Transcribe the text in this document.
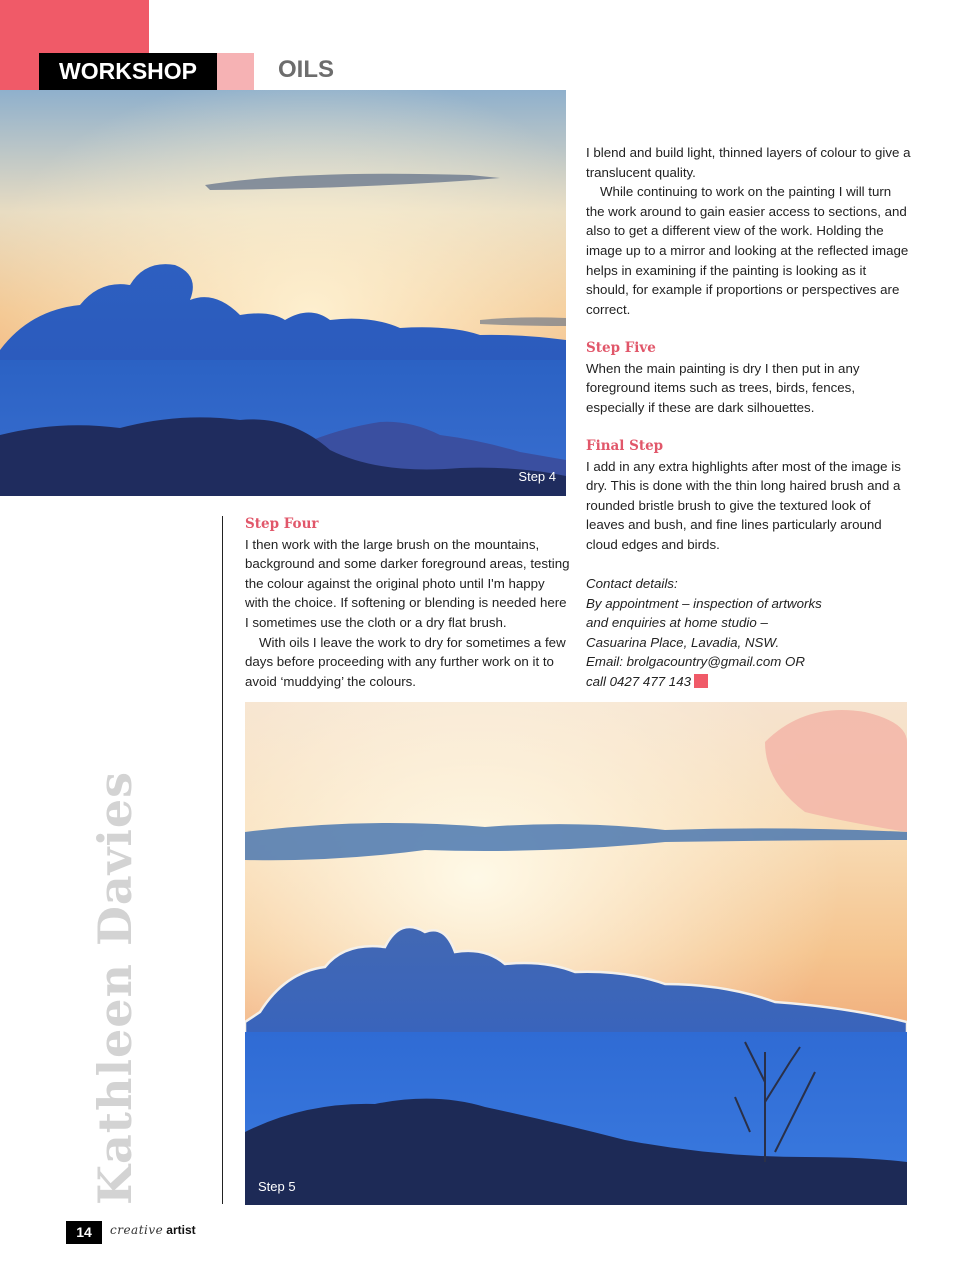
WORKSHOP	OILS
Step 4

I blend and build light, thinned layers of colour to give a translucent quality.

While continuing to work on the painting I will turn the work around to gain easier access to sections, and also to get a different view of the work. Holding the image up to a mirror and looking at the reflected image helps in examining if the painting is looking as it should, for example if proportions or perspectives are correct.

Step Five

When the main painting is dry I then put in any foreground items such as trees, birds, fences, especially if these are dark silhouettes.

Final Step

I add in any extra highlights after most of the image is dry. This is done with the thin long haired brush and a rounded bristle brush to give the textured look of leaves and bush, and fine lines particularly around cloud edges and birds.

Contact details:
By appointment – inspection of artworks
and enquiries at home studio –
Casuarina Place, Lavadia, NSW.
Email: brolgacountry@gmail.com OR
call 0427 477 143
Step Four

I then work with the large brush on the mountains, background and some darker foreground areas, testing the colour against the original photo until I'm happy with the choice. If softening or blending is needed here I sometimes use the cloth or a dry flat brush.

With oils I leave the work to dry for sometimes a few days before proceeding with any further work on it to avoid ‘muddying’ the colours.

Step 5
Kathleen Davies
14	creative artist
